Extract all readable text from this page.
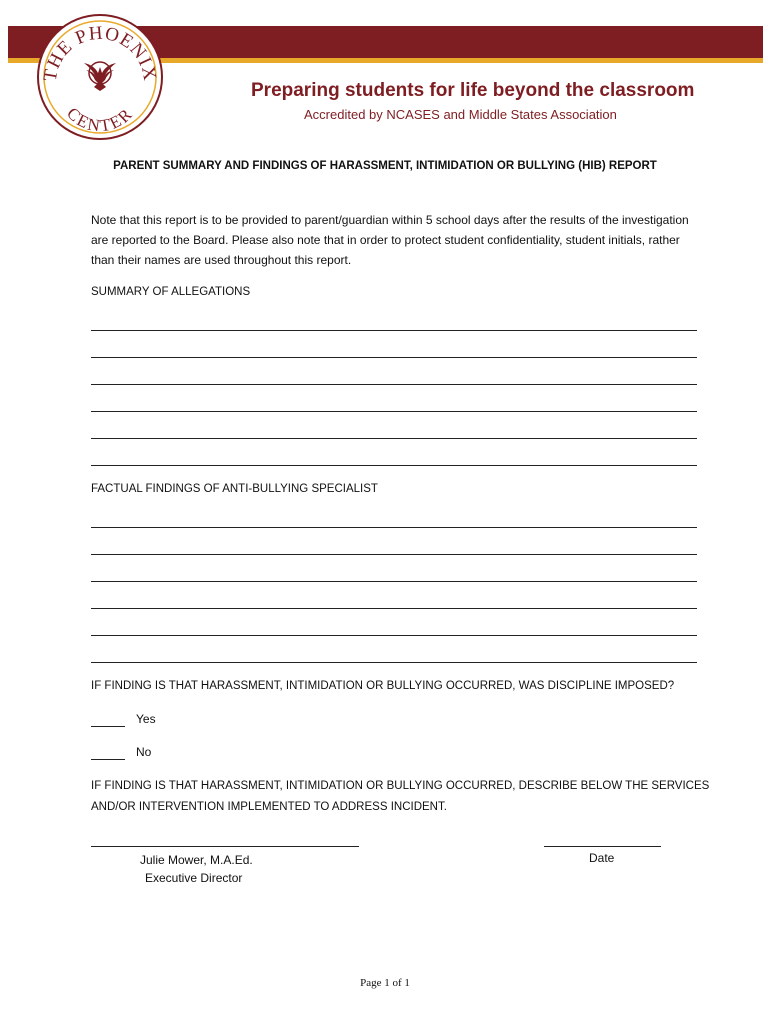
THE PHOENIX
CENTER
Preparing students for life beyond the classroom
Accredited by NCASES and Middle States Association
PARENT SUMMARY AND FINDINGS OF HARASSMENT, INTIMIDATION OR BULLYING (HIB) REPORT
Note that this report is to be provided to parent/guardian within 5 school days after the results of the investigation are reported to the Board. Please also note that in order to protect student confidentiality, student initials, rather than their names are used throughout this report.
SUMMARY OF ALLEGATIONS
FACTUAL FINDINGS OF ANTI-BULLYING SPECIALIST
IF FINDING IS THAT HARASSMENT, INTIMIDATION OR BULLYING OCCURRED, WAS DISCIPLINE IMPOSED?
Yes
No
IF FINDING IS THAT HARASSMENT, INTIMIDATION OR BULLYING OCCURRED, DESCRIBE BELOW THE SERVICES AND/OR INTERVENTION IMPLEMENTED TO ADDRESS INCIDENT.
Julie Mower, M.A.Ed.
Executive Director
Date
Page 1 of 1
